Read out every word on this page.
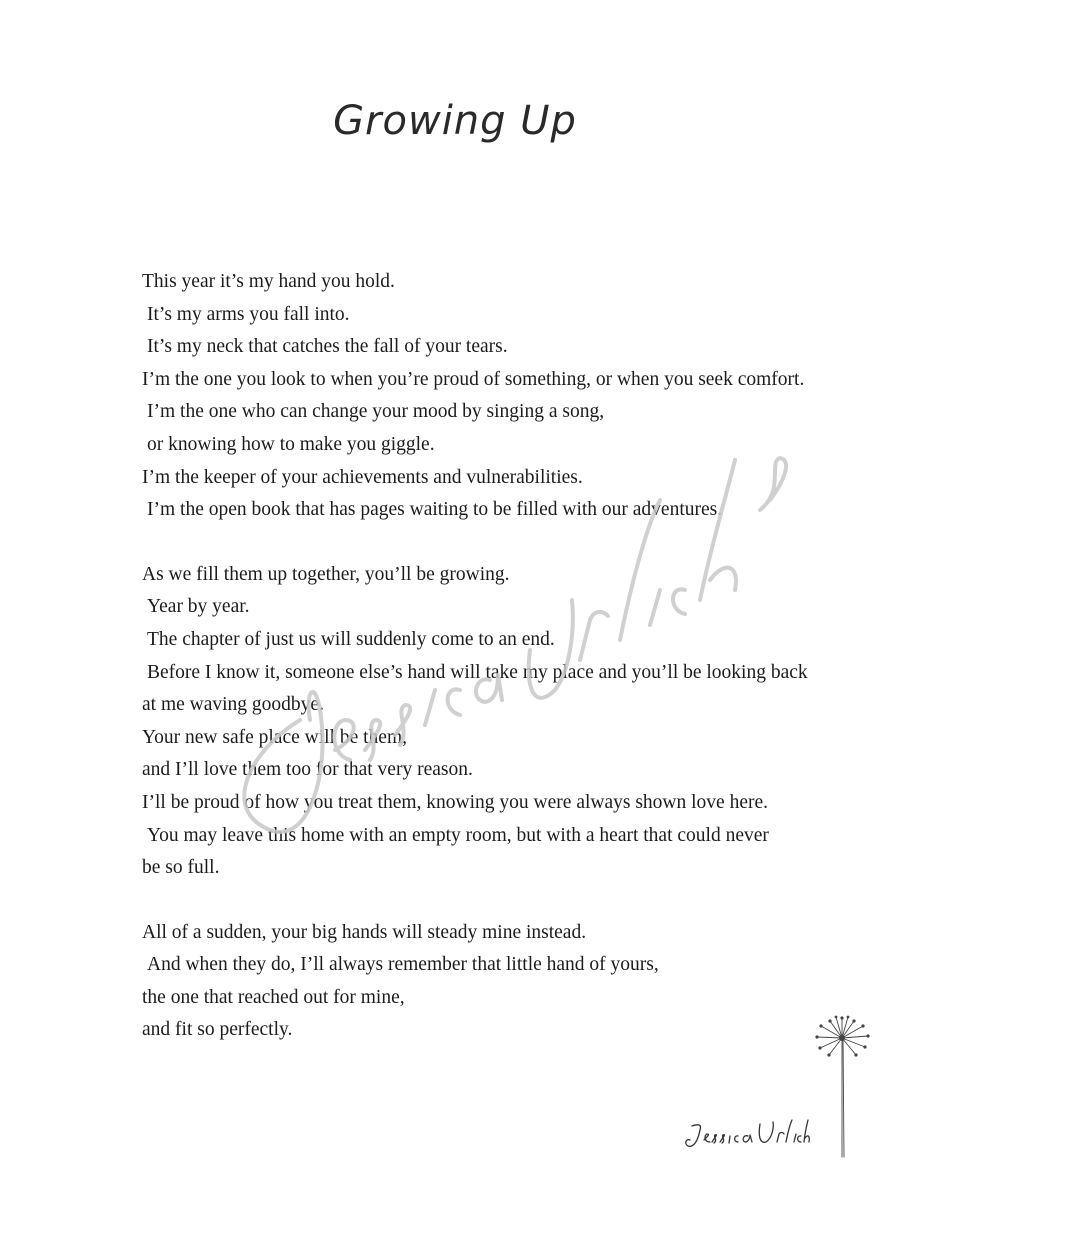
Growing Up
This year it’s my hand you hold.
It’s my arms you fall into.
It’s my neck that catches the fall of your tears.
I’m the one you look to when you’re proud of something, or when you seek comfort.
I’m the one who can change your mood by singing a song,
or knowing how to make you giggle.
I’m the keeper of your achievements and vulnerabilities.
I’m the open book that has pages waiting to be filled with our adventures.
As we fill them up together, you’ll be growing.
Year by year.
The chapter of just us will suddenly come to an end.
Before I know it, someone else’s hand will take my place and you’ll be looking back
at me waving goodbye.
Your new safe place will be them,
and I’ll love them too for that very reason.
I’ll be proud of how you treat them, knowing you were always shown love here.
You may leave this home with an empty room, but with a heart that could never
be so full.
All of a sudden, your big hands will steady mine instead.
And when they do, I’ll always remember that little hand of yours,
the one that reached out for mine,
and fit so perfectly.
